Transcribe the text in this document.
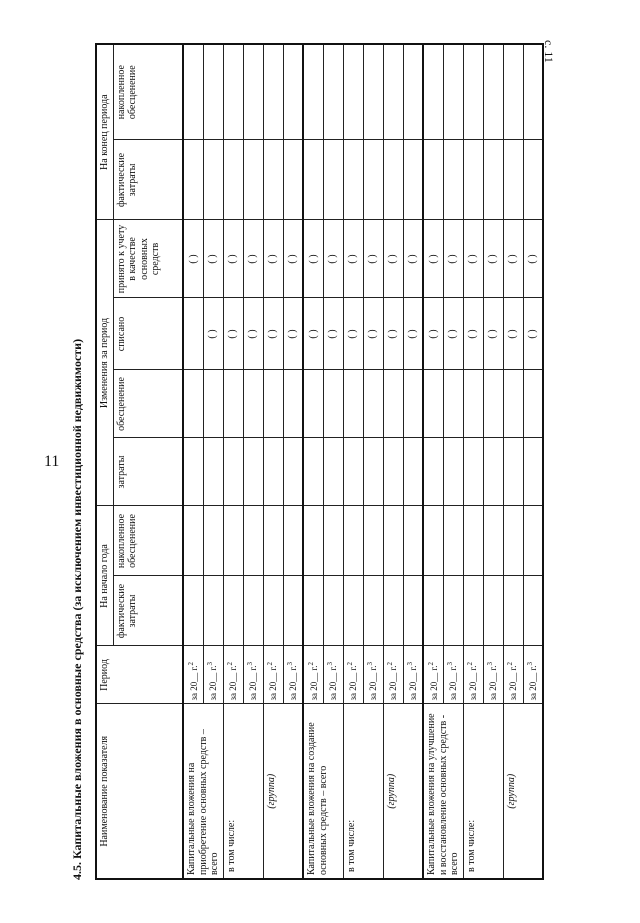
11
с. 11
4.5. Капитальные вложения в основные средства (за исключением инвестиционной недвижимости) Наименование показателя	Период	На начало года		Изменения за период				На конец периода	
		фактические затраты	накопленное обесценение	затраты	обесценение	списано	принято к учету в качестве основных средств	фактические затраты	накопленное обесценение
Капитальные вложения на приобретение основных средств – всего	за 20__ г.$^2$						( )		
	за 20__ г.$^3$					( )	( )		
в том числе:	за 20__ г.$^2$					( )	( )		
	за 20__ г.$^3$					( )	( )		
(группа)	за 20__ г.$^2$					( )	( )		
	за 20__ г.$^3$					( )	( )		
Капитальные вложения на создание основных средств – всего	за 20__ г.$^2$					( )	( )		
	за 20__ г.$^3$					( )	( )		
в том числе:	за 20__ г.$^2$					( )	( )		
	за 20__ г.$^3$					( )	( )		
(группа)	за 20__ г.$^2$					( )	( )		
	за 20__ г.$^3$					( )	( )		
Капитальные вложения на улучшение и восстановление основных средств - всего	за 20__ г.$^2$					( )	( )		
	за 20__ г.$^3$					( )	( )		
в том числе:	за 20__ г.$^2$					( )	( )		
	за 20__ г.$^3$					( )	( )		
(группа)	за 20__ г.$^2$					( )	( )		
	за 20__ г.$^3$					( )	( )		
